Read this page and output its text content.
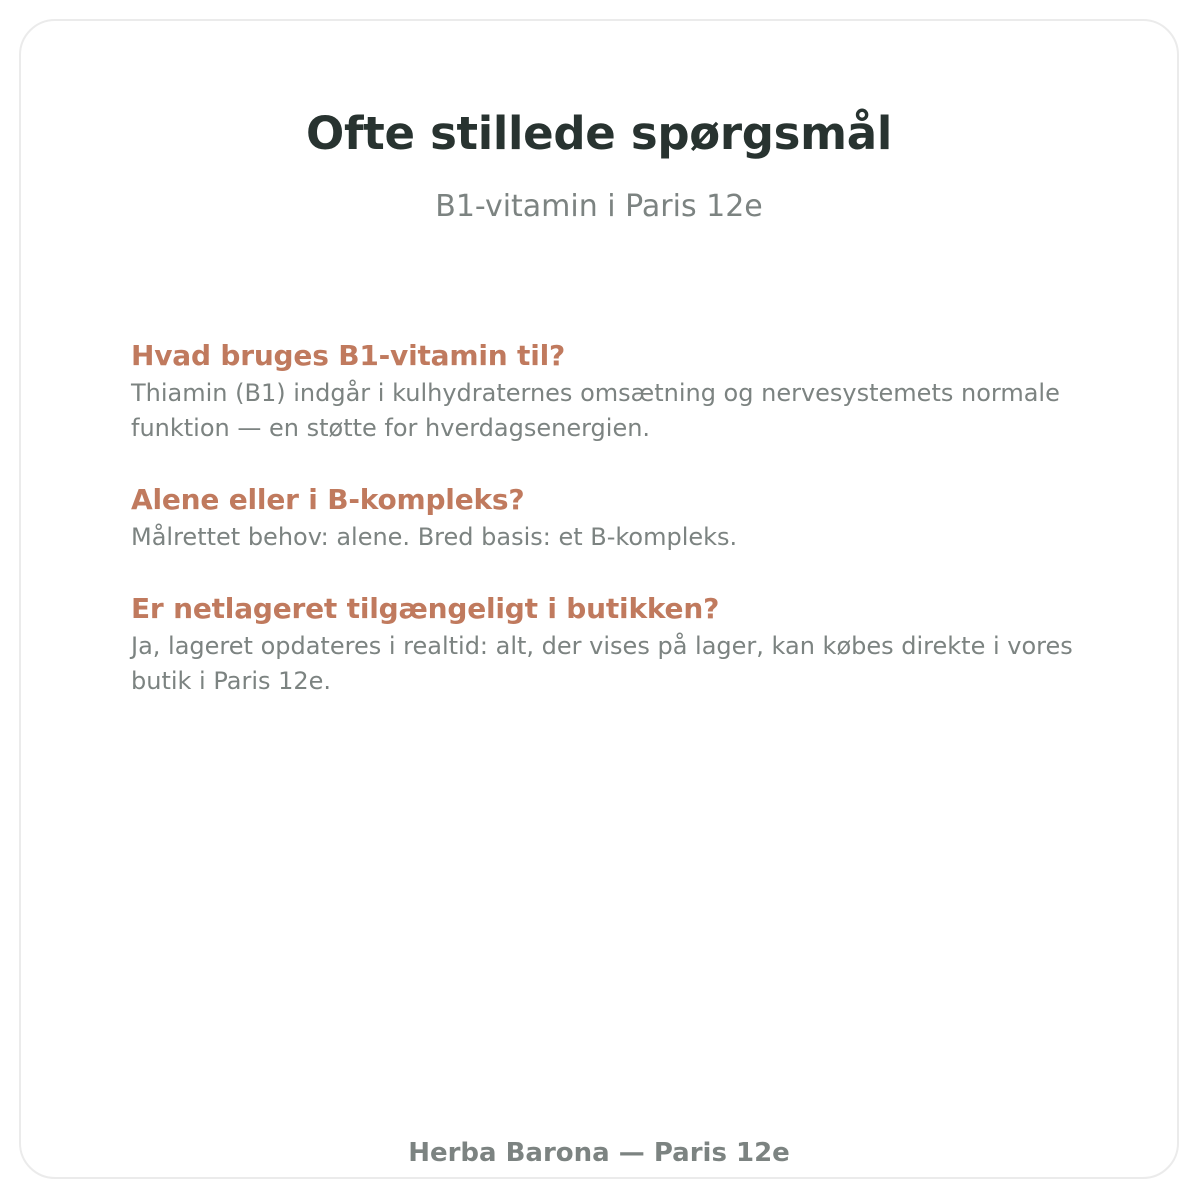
Ofte stillede spørgsmål

B1-vitamin i Paris 12e

Hvad bruges B1-vitamin til?

Thiamin (B1) indgår i kulhydraternes omsætning og nervesystemets normale funktion — en støtte for hverdagsenergien.

Alene eller i B-kompleks?

Målrettet behov: alene. Bred basis: et B-kompleks.

Er netlageret tilgængeligt i butikken?

Ja, lageret opdateres i realtid: alt, der vises på lager, kan købes direkte i vores butik i Paris 12e.

Herba Barona — Paris 12e
